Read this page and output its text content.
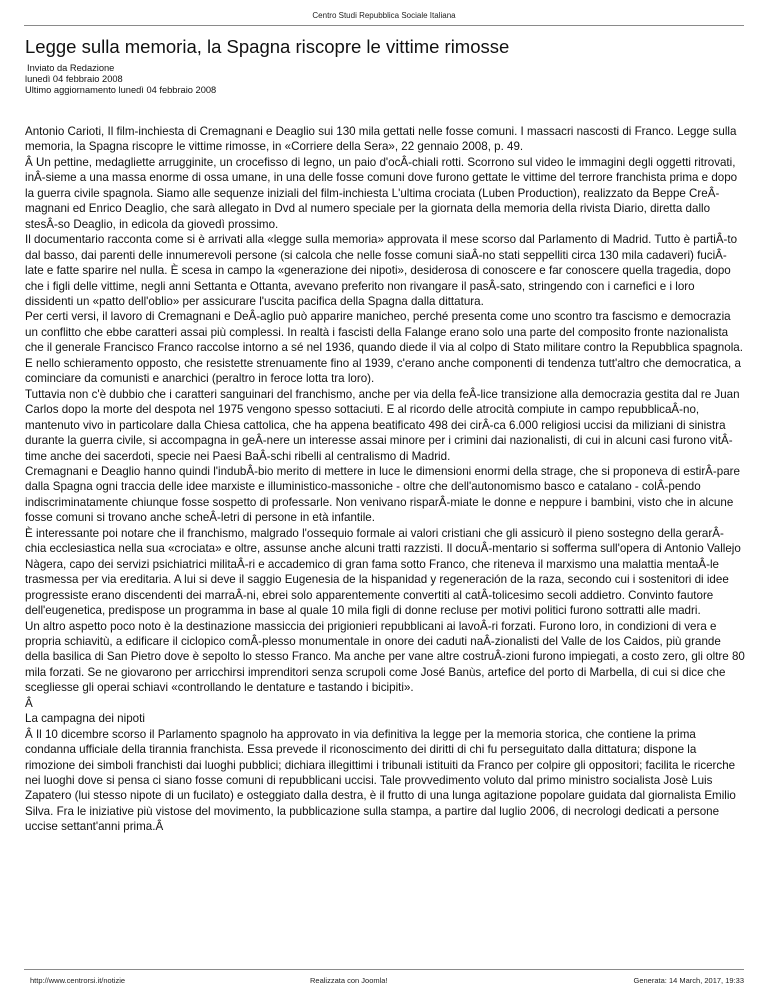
Centro Studi Repubblica Sociale Italiana
Legge sulla memoria, la Spagna riscopre le vittime rimosse
Inviato da Redazione
lunedì 04 febbraio 2008
Ultimo aggiornamento lunedì 04 febbraio 2008

Antonio Carioti, Il film-inchiesta di Cremagnani e Deaglio sui 130 mila gettati nelle fosse comuni. I massacri nascosti di Franco. Legge sulla memoria, la Spagna riscopre le vittime rimosse, in «Corriere della Sera», 22 gennaio 2008, p. 49.

Â Un pettine, medagliette arrugginite, un crocefisso di legno, un paio d'ocÂ-chiali rotti. Scorrono sul video le immagini degli oggetti ritrovati, inÂ-sieme a una massa enorme di ossa umane, in una delle fosse comuni dove furono gettate le vittime del terrore franchista prima e dopo la guerra civile spagnola. Siamo alle sequenze iniziali del film-inchiesta L'ultima crociata (Luben Production), realizzato da Beppe CreÂ-magnani ed Enrico Deaglio, che sarà allegato in Dvd al numero speciale per la giornata della memoria della rivista Diario, diretta dallo stesÂ-so Deaglio, in edicola da giovedì prossimo.

Il documentario racconta come si è arrivati alla «legge sulla memoria» approvata il mese scorso dal Parlamento di Madrid. Tutto è partiÂ-to dal basso, dai parenti delle innumerevoli persone (si calcola che nelle fosse comuni siaÂ-no stati seppelliti circa 130 mila cadaveri) fuciÂ-late e fatte sparire nel nulla. È scesa in campo la «generazione dei nipoti», desiderosa di conoscere e far conoscere quella tragedia, dopo che i figli delle vittime, negli anni Settanta e Ottanta, avevano preferito non rivangare il pasÂ-sato, stringendo con i carnefici e i loro dissidenti un «patto dell'oblio» per assicurare l'uscita pacifica della Spagna dalla dittatura.

Per certi versi, il lavoro di Cremagnani e DeÂ-aglio può apparire manicheo, perché presenta come uno scontro tra fascismo e democrazia un conflitto che ebbe caratteri assai più complessi. In realtà i fascisti della Falange erano solo una parte del composito fronte nazionalista che il generale Francisco Franco raccolse intorno a sé nel 1936, quando diede il via al colpo di Stato militare contro la Repubblica spagnola. E nello schieramento opposto, che resistette strenuamente fino al 1939, c'erano anche componenti di tendenza tutt'altro che democratica, a cominciare da comunisti e anarchici (peraltro in feroce lotta tra loro).

Tuttavia non c'è dubbio che i caratteri sanguinari del franchismo, anche per via della feÂ-lice transizione alla democrazia gestita dal re Juan Carlos dopo la morte del despota nel 1975 vengono spesso sottaciuti. E al ricordo delle atrocità compiute in campo repubblicaÂ-no, mantenuto vivo in particolare dalla Chiesa cattolica, che ha appena beatificato 498 dei cirÂ-ca 6.000 religiosi uccisi da miliziani di sinistra durante la guerra civile, si accompagna in geÂ-nere un interesse assai minore per i crimini dai nazionalisti, di cui in alcuni casi furono vitÂ-time anche dei sacerdoti, specie nei Paesi BaÂ-schi ribelli al centralismo di Madrid.

Cremagnani e Deaglio hanno quindi l'indubÂ-bio merito di mettere in luce le dimensioni enormi della strage, che si proponeva di estirÂ-pare dalla Spagna ogni traccia delle idee marxiste e illuministico-massoniche - oltre che dell'autonomismo basco e catalano - colÂ-pendo indiscriminatamente chiunque fosse sospetto di professarle. Non venivano risparÂ-miate le donne e neppure i bambini, visto che in alcune fosse comuni si trovano anche scheÂ-letri di persone in età infantile.

È interessante poi notare che il franchismo, malgrado l'ossequio formale ai valori cristiani che gli assicurò il pieno sostegno della gerarÂ-chia ecclesiastica nella sua «crociata» e oltre, assunse anche alcuni tratti razzisti. Il docuÂ-mentario si sofferma sull'opera di Antonio Vallejo Nàgera, capo dei servizi psichiatrici militaÂ-ri e accademico di gran fama sotto Franco, che riteneva il marxismo una malattia mentaÂ-le trasmessa per via ereditaria. A lui si deve il saggio Eugenesia de la hispanidad y regeneración de la raza, secondo cui i sostenitori di idee progressiste erano discendenti dei marraÂ-ni, ebrei solo apparentemente convertiti al catÂ-tolicesimo secoli addietro. Convinto fautore dell'eugenetica, predispose un programma in base al quale 10 mila figli di donne recluse per motivi politici furono sottratti alle madri.

Un altro aspetto poco noto è la destinazione massiccia dei prigionieri repubblicani ai lavoÂ-ri forzati. Furono loro, in condizioni di vera e propria schiavitù, a edificare il ciclopico comÂ-plesso monumentale in onore dei caduti naÂ-zionalisti del Valle de los Caidos, più grande della basilica di San Pietro dove è sepolto lo stesso Franco. Ma anche per vane altre costruÂ-zioni furono impiegati, a costo zero, gli oltre 80 mila forzati. Se ne giovarono per arricchirsi imprenditori senza scrupoli come José Banùs, artefice del porto di Marbella, di cui si dice che scegliesse gli operai schiavi «controllando le dentature e tastando i bicipiti».

Â

La campagna dei nipoti

Â Il 10 dicembre scorso il Parlamento spagnolo ha approvato in via definitiva la legge per la memoria storica, che contiene la prima condanna ufficiale della tirannia franchista. Essa prevede il riconoscimento dei diritti di chi fu perseguitato dalla dittatura; dispone la rimozione dei simboli franchisti dai luoghi pubblici; dichiara illegittimi i tribunali istituiti da Franco per colpire gli oppositori; facilita le ricerche nei luoghi dove si pensa ci siano fosse comuni di repubblicani uccisi. Tale provvedimento voluto dal primo ministro socialista Josè Luis Zapatero (lui stesso nipote di un fucilato) e osteggiato dalla destra, è il frutto di una lunga agitazione popolare guidata dal giornalista Emilio Silva. Fra le iniziative più vistose del movimento, la pubblicazione sulla stampa, a partire dal luglio 2006, di necrologi dedicati a persone uccise settant'anni prima.Â

http://www.centrorsi.it/notizie	Realizzata con Joomla!	Generata: 14 March, 2017, 19:33
